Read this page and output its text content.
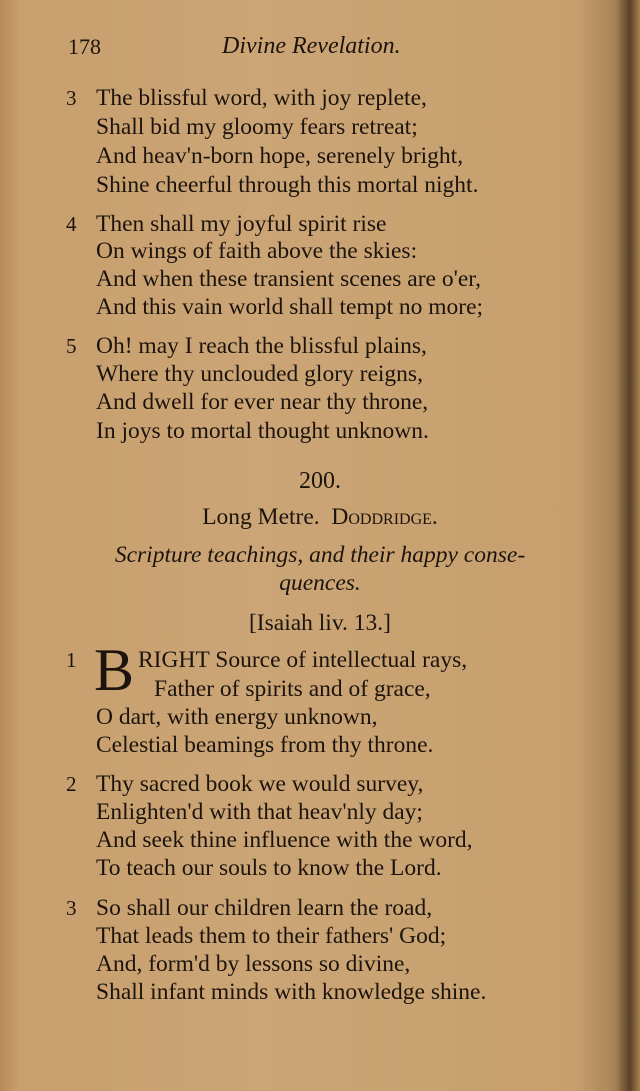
178	Divine Revelation.
3 The blissful word, with joy replete,
Shall bid my gloomy fears retreat;
And heav'n-born hope, serenely bright,
Shine cheerful through this mortal night.
4 Then shall my joyful spirit rise
On wings of faith above the skies:
And when these transient scenes are o'er,
And this vain world shall tempt no more;
5 Oh! may I reach the blissful plains,
Where thy unclouded glory reigns,
And dwell for ever near thy throne,
In joys to mortal thought unknown.
200.
Long Metre. Doddridge.
Scripture teachings, and their happy conse-
quences.
[Isaiah liv. 13.]
1 B RIGHT Source of intellectual rays,
Father of spirits and of grace,
O dart, with energy unknown,
Celestial beamings from thy throne.
2 Thy sacred book we would survey,
Enlighten'd with that heav'nly day;
And seek thine influence with the word,
To teach our souls to know the Lord.
3 So shall our children learn the road,
That leads them to their fathers' God;
And, form'd by lessons so divine,
Shall infant minds with knowledge shine.
